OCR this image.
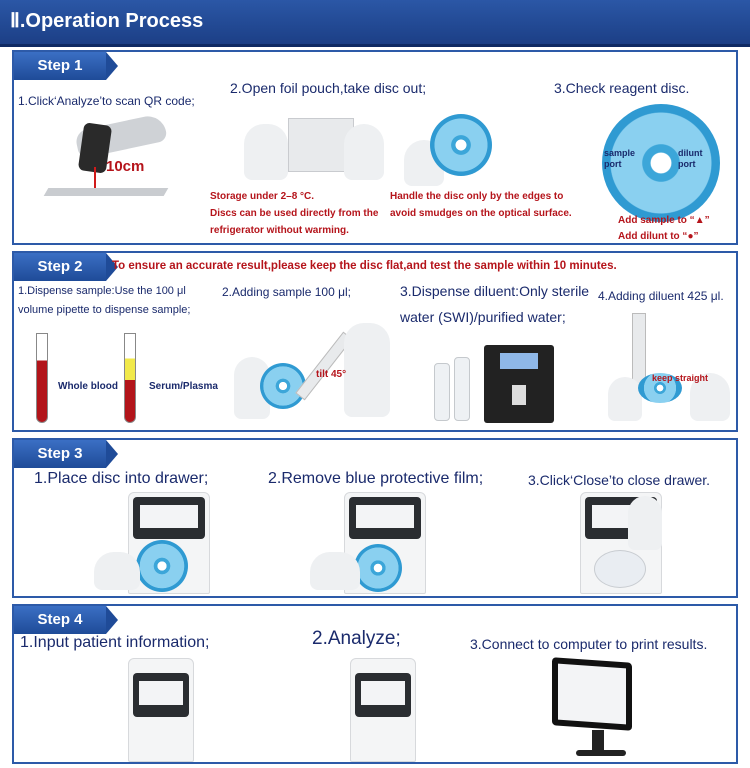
Ⅱ.Operation Process
Step 1
1.Click‘Analyze’to scan QR code;
10cm
2.Open foil pouch,take disc out;
Storage under 2–8 °C.
Discs can be used directly from the
refrigerator without warming.
Handle the disc only by the edges to
avoid smudges on the optical surface.
3.Check reagent disc.
sample
port
dilunt
port
Add sample to “▲”
Add dilunt to “●”
Step 2	To ensure an accurate result,please keep the disc flat,and test the sample within 10 minutes.
1.Dispense sample:Use the 100 μl
volume pipette to dispense sample;
Whole blood	Serum/Plasma
2.Adding sample 100 μl;
tilt 45°
3.Dispense diluent:Only sterile
water (SWI)/purified water;
4.Adding diluent 425 μl.
keep straight
Step 3
1.Place disc into drawer;	2.Remove blue protective film;	3.Click‘Close’to close drawer.
Step 4
1.Input patient information;	2.Analyze;	3.Connect to computer to print results.
